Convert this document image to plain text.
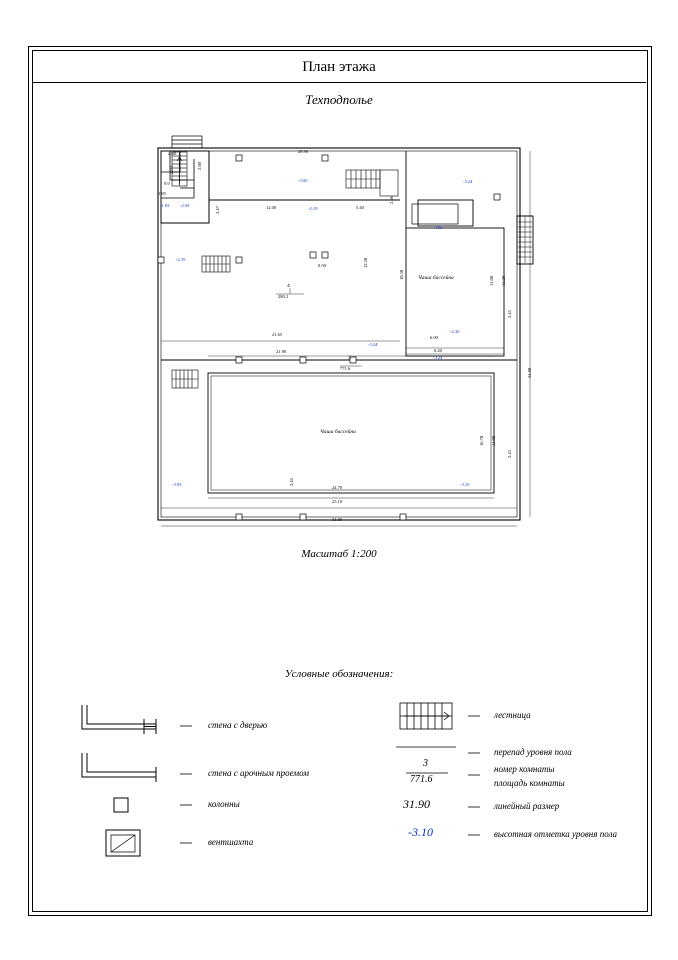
План этажа
Техподполье
28.90
-3.00	-3.24
-3.95
-2.19
-2.19
-3.24
-2.30
-3.24
-3.95	-3.10
-1.95 -2.05	12.00	5.40
21.65
21.90
24.70
25.10
31.90
6.00
6.20
2.47
2.45
2.45
2.45
2.88
2.80
2.93
1.95
9.9
0.50
2.06
12.20
10.50
11.00 11.20
16.70 11.00
34.80
Чаша бассейна
Чаша бассейна
4
280.2
3
771.6
Масштаб 1:200
Условные обозначения:
стена с дверью
стена с арочным проемом
колонны
вентшахта
лестница
перепад уровня пола
номер комнаты
площадь комнаты
линейный размер
высотная отметка уровня пола
3
771.6
31.90
-3.10
